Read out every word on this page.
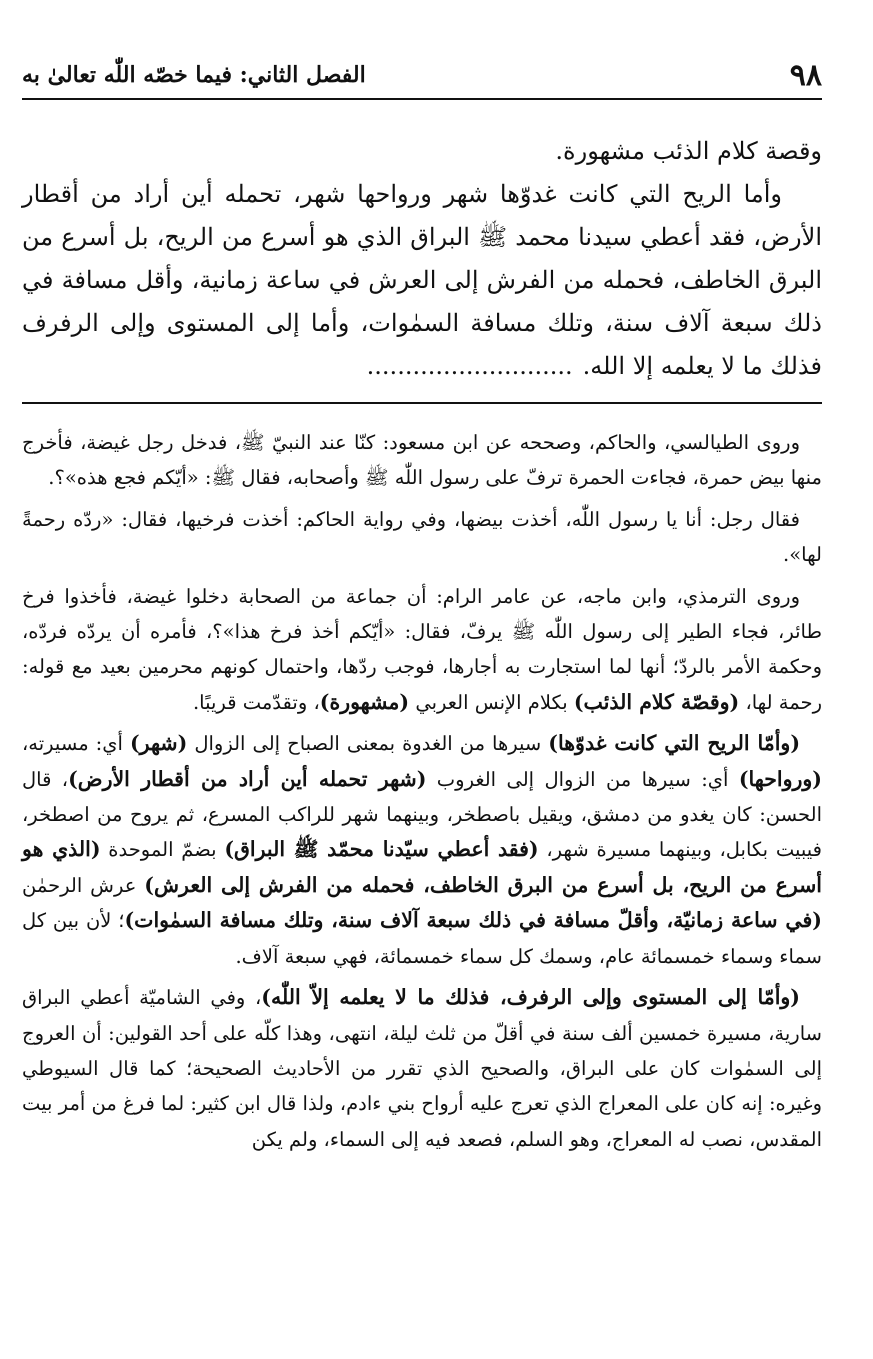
٩٨
الفصل الثاني: فيما خصّه اللّٰه تعالىٰ به

وقصة كلام الذئب مشهورة.

وأما الريح التي كانت غدوّها شهر ورواحها شهر، تحمله أين أراد من أقطار الأرض، فقد أعطي سيدنا محمد ﷺ البراق الذي هو أسرع من الريح، بل أسرع من البرق الخاطف، فحمله من الفرش إلى العرش في ساعة زمانية، وأقل مسافة في ذلك سبعة آلاف سنة، وتلك مسافة السمٰوات، وأما إلى المستوى وإلى الرفرف فذلك ما لا يعلمه إلا الله............................

وروى الطيالسي، والحاكم، وصححه عن ابن مسعود: كنّا عند النبيّ ﷺ، فدخل رجل غيضة، فأخرج منها بيض حمرة، فجاءت الحمرة ترفّ على رسول اللّٰه ﷺ وأصحابه، فقال ﷺ: «أيّكم فجع هذه»؟.

فقال رجل: أنا يا رسول اللّٰه، أخذت بيضها، وفي رواية الحاكم: أخذت فرخيها، فقال: «ردّه رحمةً لها».

وروى الترمذي، وابن ماجه، عن عامر الرام: أن جماعة من الصحابة دخلوا غيضة، فأخذوا فرخ طائر، فجاء الطير إلى رسول اللّٰه ﷺ يرفّ، فقال: «أيّكم أخذ فرخ هذا»؟، فأمره أن يردّه فردّه، وحكمة الأمر بالردّ؛ أنها لما استجارت به أجارها، فوجب ردّها، واحتمال كونهم محرمين بعيد مع قوله: رحمة لها، (وقصّة كلام الذئب) بكلام الإنس العربي (مشهورة)، وتقدّمت قريبًا.

(وأمّا الريح التي كانت غدوّها) سيرها من الغدوة بمعنى الصباح إلى الزوال (شهر) أي: مسيرته، (ورواحها) أي: سيرها من الزوال إلى الغروب (شهر تحمله أين أراد من أقطار الأرض)، قال الحسن: كان يغدو من دمشق، ويقيل باصطخر، وبينهما شهر للراكب المسرع، ثم يروح من اصطخر، فيبيت بكابل، وبينهما مسيرة شهر، (فقد أعطي سيّدنا محمّد ﷺ البراق) بضمّ الموحدة (الذي هو أسرع من الريح، بل أسرع من البرق الخاطف، فحمله من الفرش إلى العرش) عرش الرحمٰن (في ساعة زمانيّة، وأقلّ مسافة في ذلك سبعة آلاف سنة، وتلك مسافة السمٰوات)؛ لأن بين كل سماء وسماء خمسمائة عام، وسمك كل سماء خمسمائة، فهي سبعة آلاف.

(وأمّا إلى المستوى وإلى الرفرف، فذلك ما لا يعلمه إلاّ اللّٰه)، وفي الشاميّة أعطي البراق سارية، مسيرة خمسين ألف سنة في أقلّ من ثلث ليلة، انتهى، وهذا كلّه على أحد القولين: أن العروج إلى السمٰوات كان على البراق، والصحيح الذي تقرر من الأحاديث الصحيحة؛ كما قال السيوطي وغيره: إنه كان على المعراج الذي تعرج عليه أرواح بني ءادم، ولذا قال ابن كثير: لما فرغ من أمر بيت المقدس، نصب له المعراج، وهو السلم، فصعد فيه إلى السماء، ولم يكن
